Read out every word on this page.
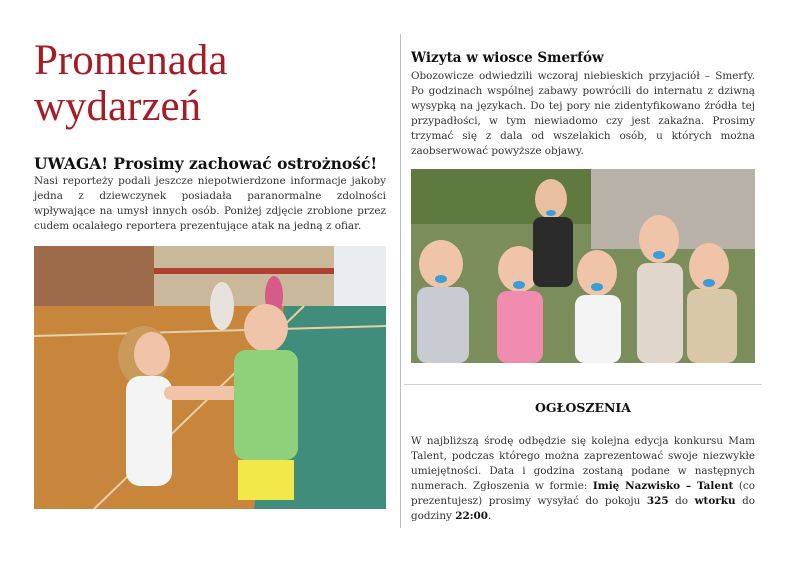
Promenada
wydarzeń
UWAGA! Prosimy zachować ostrożność!

Nasi reporteży podali jeszcze niepotwierdzone informacje jakoby jedna z dziewczynek posiadała paranormalne zdolności wpływające na umysł innych osób. Poniżej zdjęcie zrobione przez cudem ocalałego reportera prezentujące atak na jedną z ofiar.

Wizyta w wiosce Smerfów

Obozowicze odwiedzili wczoraj niebieskich przyjaciół – Smerfy. Po godzinach wspólnej zabawy powrócili do internatu z dziwną wysypką na językach. Do tej pory nie zidentyfikowano źródła tej przypadłości, w tym niewiadomo czy jest zakaźna. Prosimy trzymać się z dala od wszelakich osób, u których można zaobserwować powyższe objawy.

OGŁOSZENIA

W najbliższą środę odbędzie się kolejna edycja konkursu Mam Talent, podczas którego można zaprezentować swoje niezwykłe umiejętności. Data i godzina zostaną podane w następnych numerach. Zgłoszenia w formie: Imię Nazwisko – Talent (co prezentujesz) prosimy wysyłać do pokoju 325 do wtorku do godziny 22:00.
